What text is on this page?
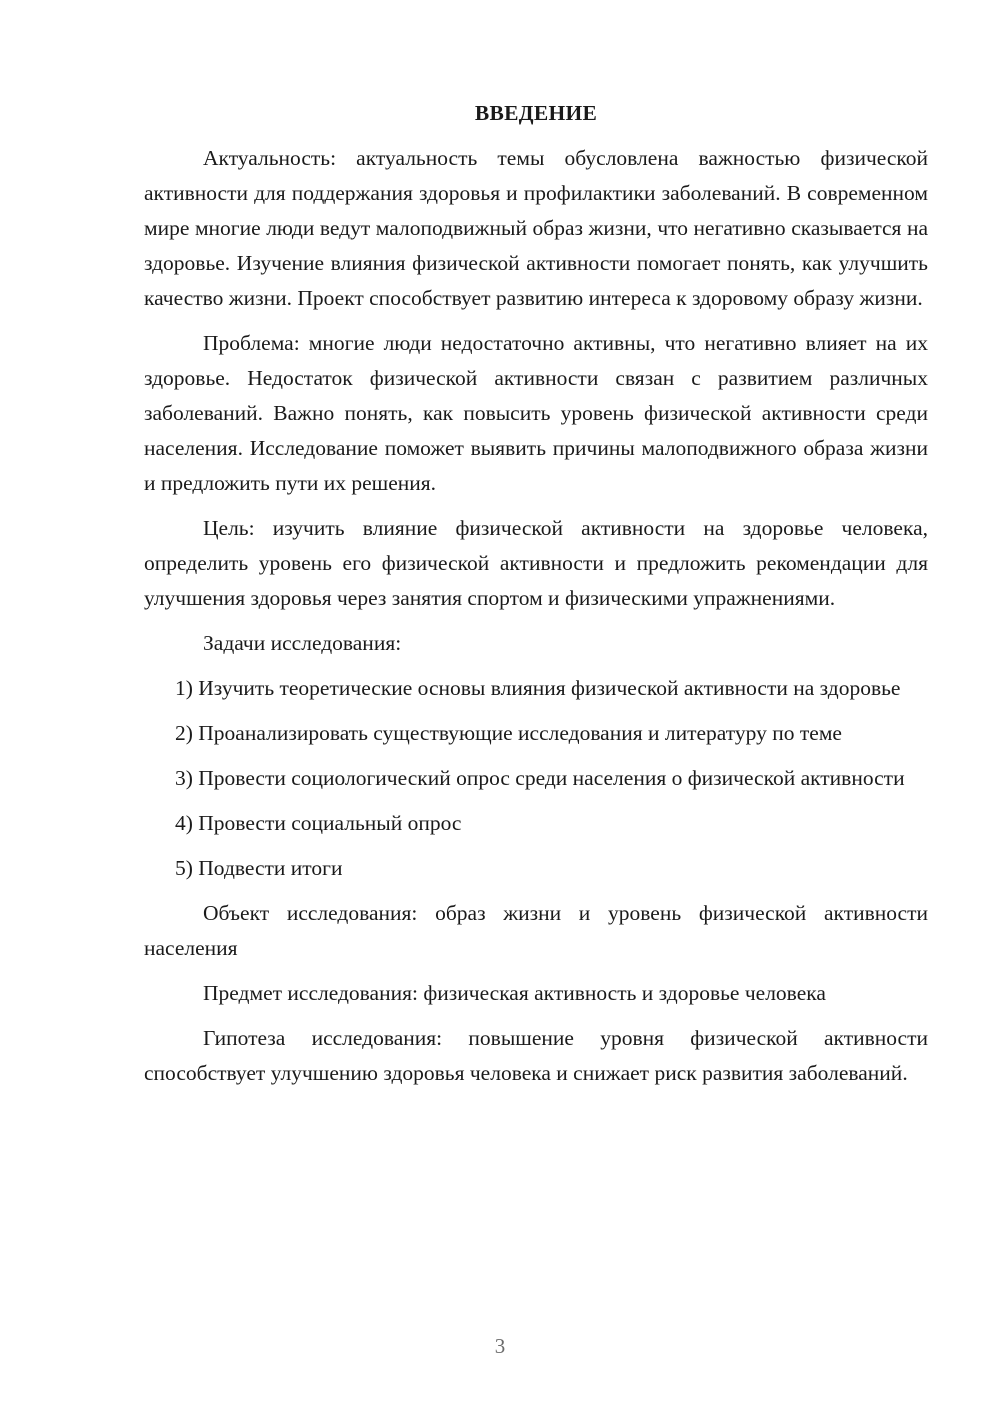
ВВЕДЕНИЕ

Актуальность: актуальность темы обусловлена важностью физической активности для поддержания здоровья и профилактики заболеваний. В современном мире многие люди ведут малоподвижный образ жизни, что негативно сказывается на здоровье. Изучение влияния физической активности помогает понять, как улучшить качество жизни. Проект способствует развитию интереса к здоровому образу жизни.

Проблема: многие люди недостаточно активны, что негативно влияет на их здоровье. Недостаток физической активности связан с развитием различных заболеваний. Важно понять, как повысить уровень физической активности среди населения. Исследование поможет выявить причины малоподвижного образа жизни и предложить пути их решения.

Цель: изучить влияние физической активности на здоровье человека, определить уровень его физической активности и предложить рекомендации для улучшения здоровья через занятия спортом и физическими упражнениями.

Задачи исследования:

1) Изучить теоретические основы влияния физической активности на здоровье

2) Проанализировать существующие исследования и литературу по теме

3) Провести социологический опрос среди населения о физической активности

4) Провести социальный опрос

5) Подвести итоги

Объект исследования: образ жизни и уровень физической активности населения

Предмет исследования: физическая активность и здоровье человека

Гипотеза исследования: повышение уровня физической активности способствует улучшению здоровья человека и снижает риск развития заболеваний.

3
